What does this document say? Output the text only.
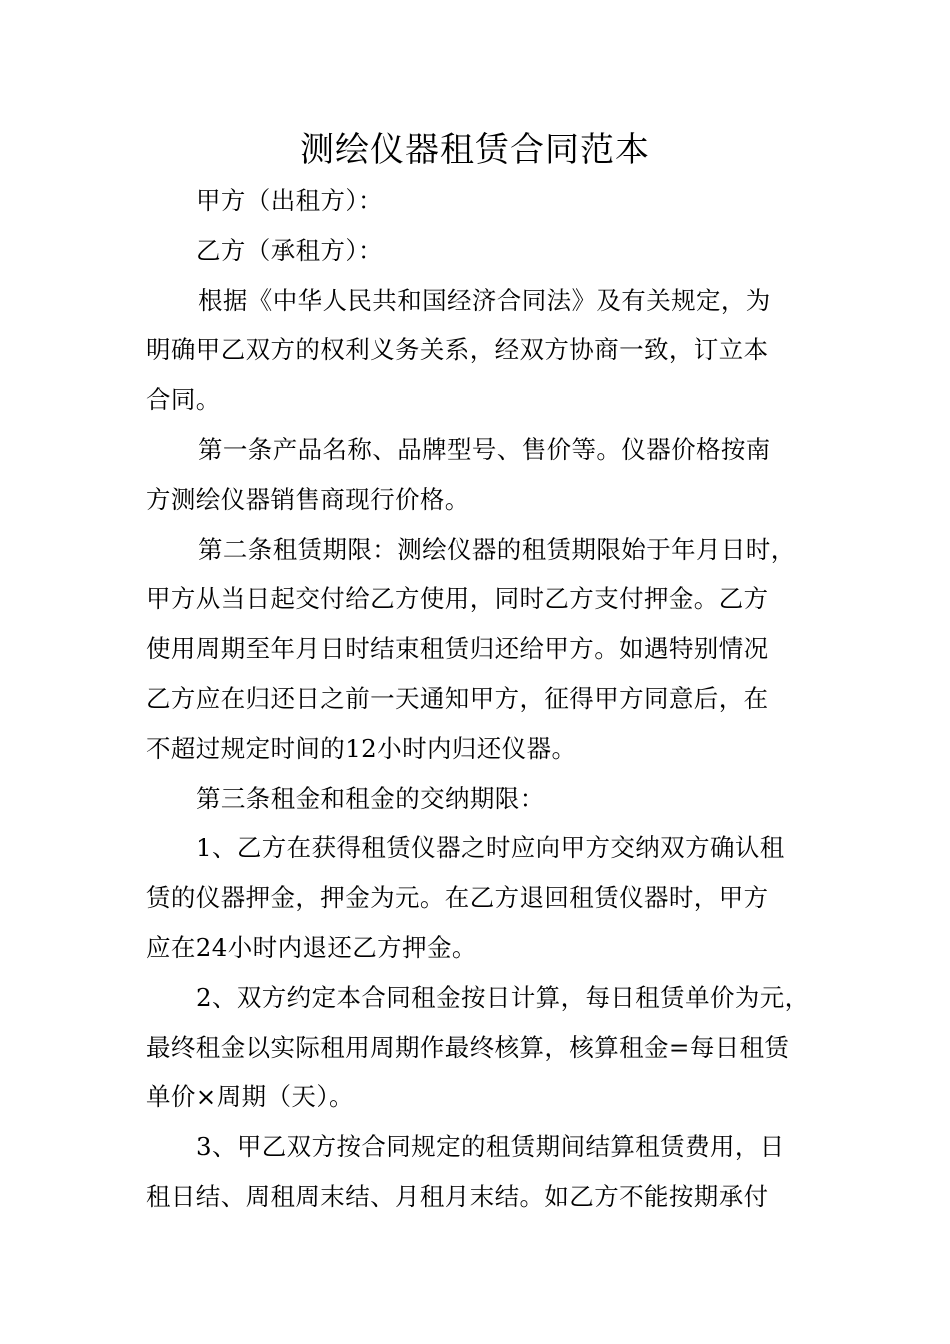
测绘仪器租赁合同范本
甲方（出租方）：
乙方（承租方）：
根据《中华人民共和国经济合同法》及有关规定，为
明确甲乙双方的权利义务关系，经双方协商一致，订立本
合同。
第一条产品名称、品牌型号、售价等。仪器价格按南
方测绘仪器销售商现行价格。
第二条租赁期限：测绘仪器的租赁期限始于年月日时，
甲方从当日起交付给乙方使用，同时乙方支付押金。乙方
使用周期至年月日时结束租赁归还给甲方。如遇特别情况
乙方应在归还日之前一天通知甲方，征得甲方同意后，在
不超过规定时间的12小时内归还仪器。
第三条租金和租金的交纳期限：
1、乙方在获得租赁仪器之时应向甲方交纳双方确认租
赁的仪器押金，押金为元。在乙方退回租赁仪器时，甲方
应在24小时内退还乙方押金。
2、双方约定本合同租金按日计算，每日租赁单价为元，
最终租金以实际租用周期作最终核算，核算租金=每日租赁
单价×周期（天）。
3、甲乙双方按合同规定的租赁期间结算租赁费用，日
租日结、周租周末结、月租月末结。如乙方不能按期承付
